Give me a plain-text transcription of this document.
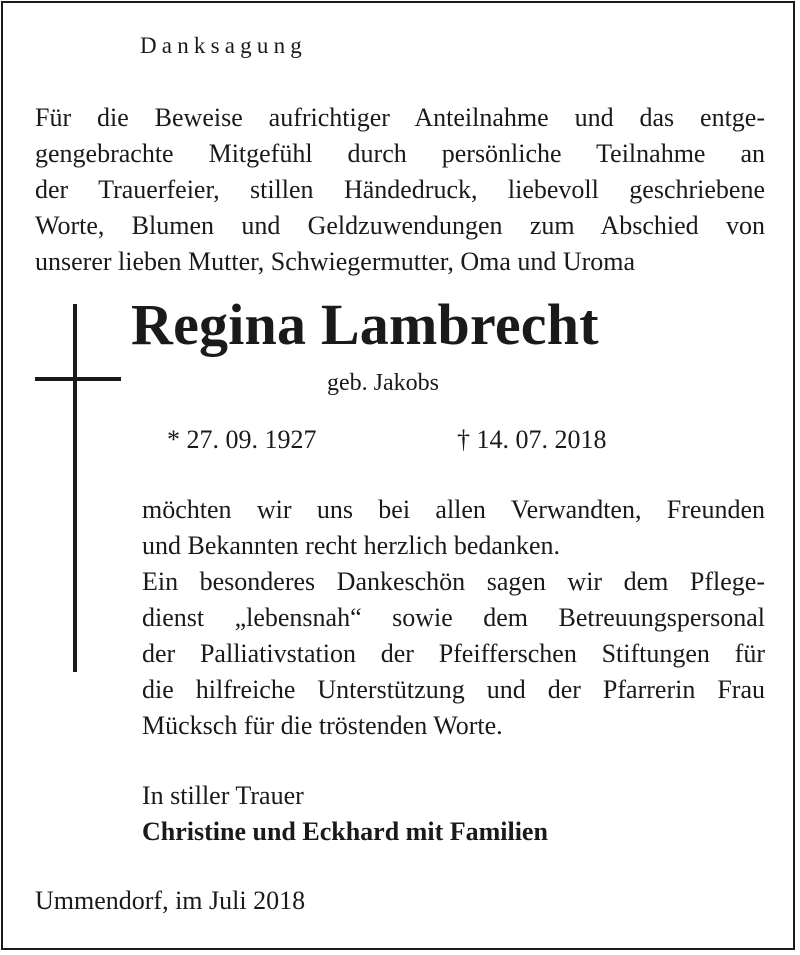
Danksagung
Für die Beweise aufrichtiger Anteilnahme und das entge-
gengebrachte Mitgefühl durch persönliche Teilnahme an
der Trauerfeier, stillen Händedruck, liebevoll geschriebene
Worte, Blumen und Geldzuwendungen zum Abschied von
unserer lieben Mutter, Schwiegermutter, Oma und Uroma
Regina Lambrecht
geb. Jakobs
* 27. 09. 1927	† 14. 07. 2018
möchten wir uns bei allen Verwandten, Freunden
und Bekannten recht herzlich bedanken.
Ein besonderes Dankeschön sagen wir dem Pflege-
dienst „lebensnah“ sowie dem Betreuungspersonal
der Palliativstation der Pfeifferschen Stiftungen für
die hilfreiche Unterstützung und der Pfarrerin Frau
Mücksch für die tröstenden Worte.
In stiller Trauer
Christine und Eckhard mit Familien
Ummendorf, im Juli 2018
